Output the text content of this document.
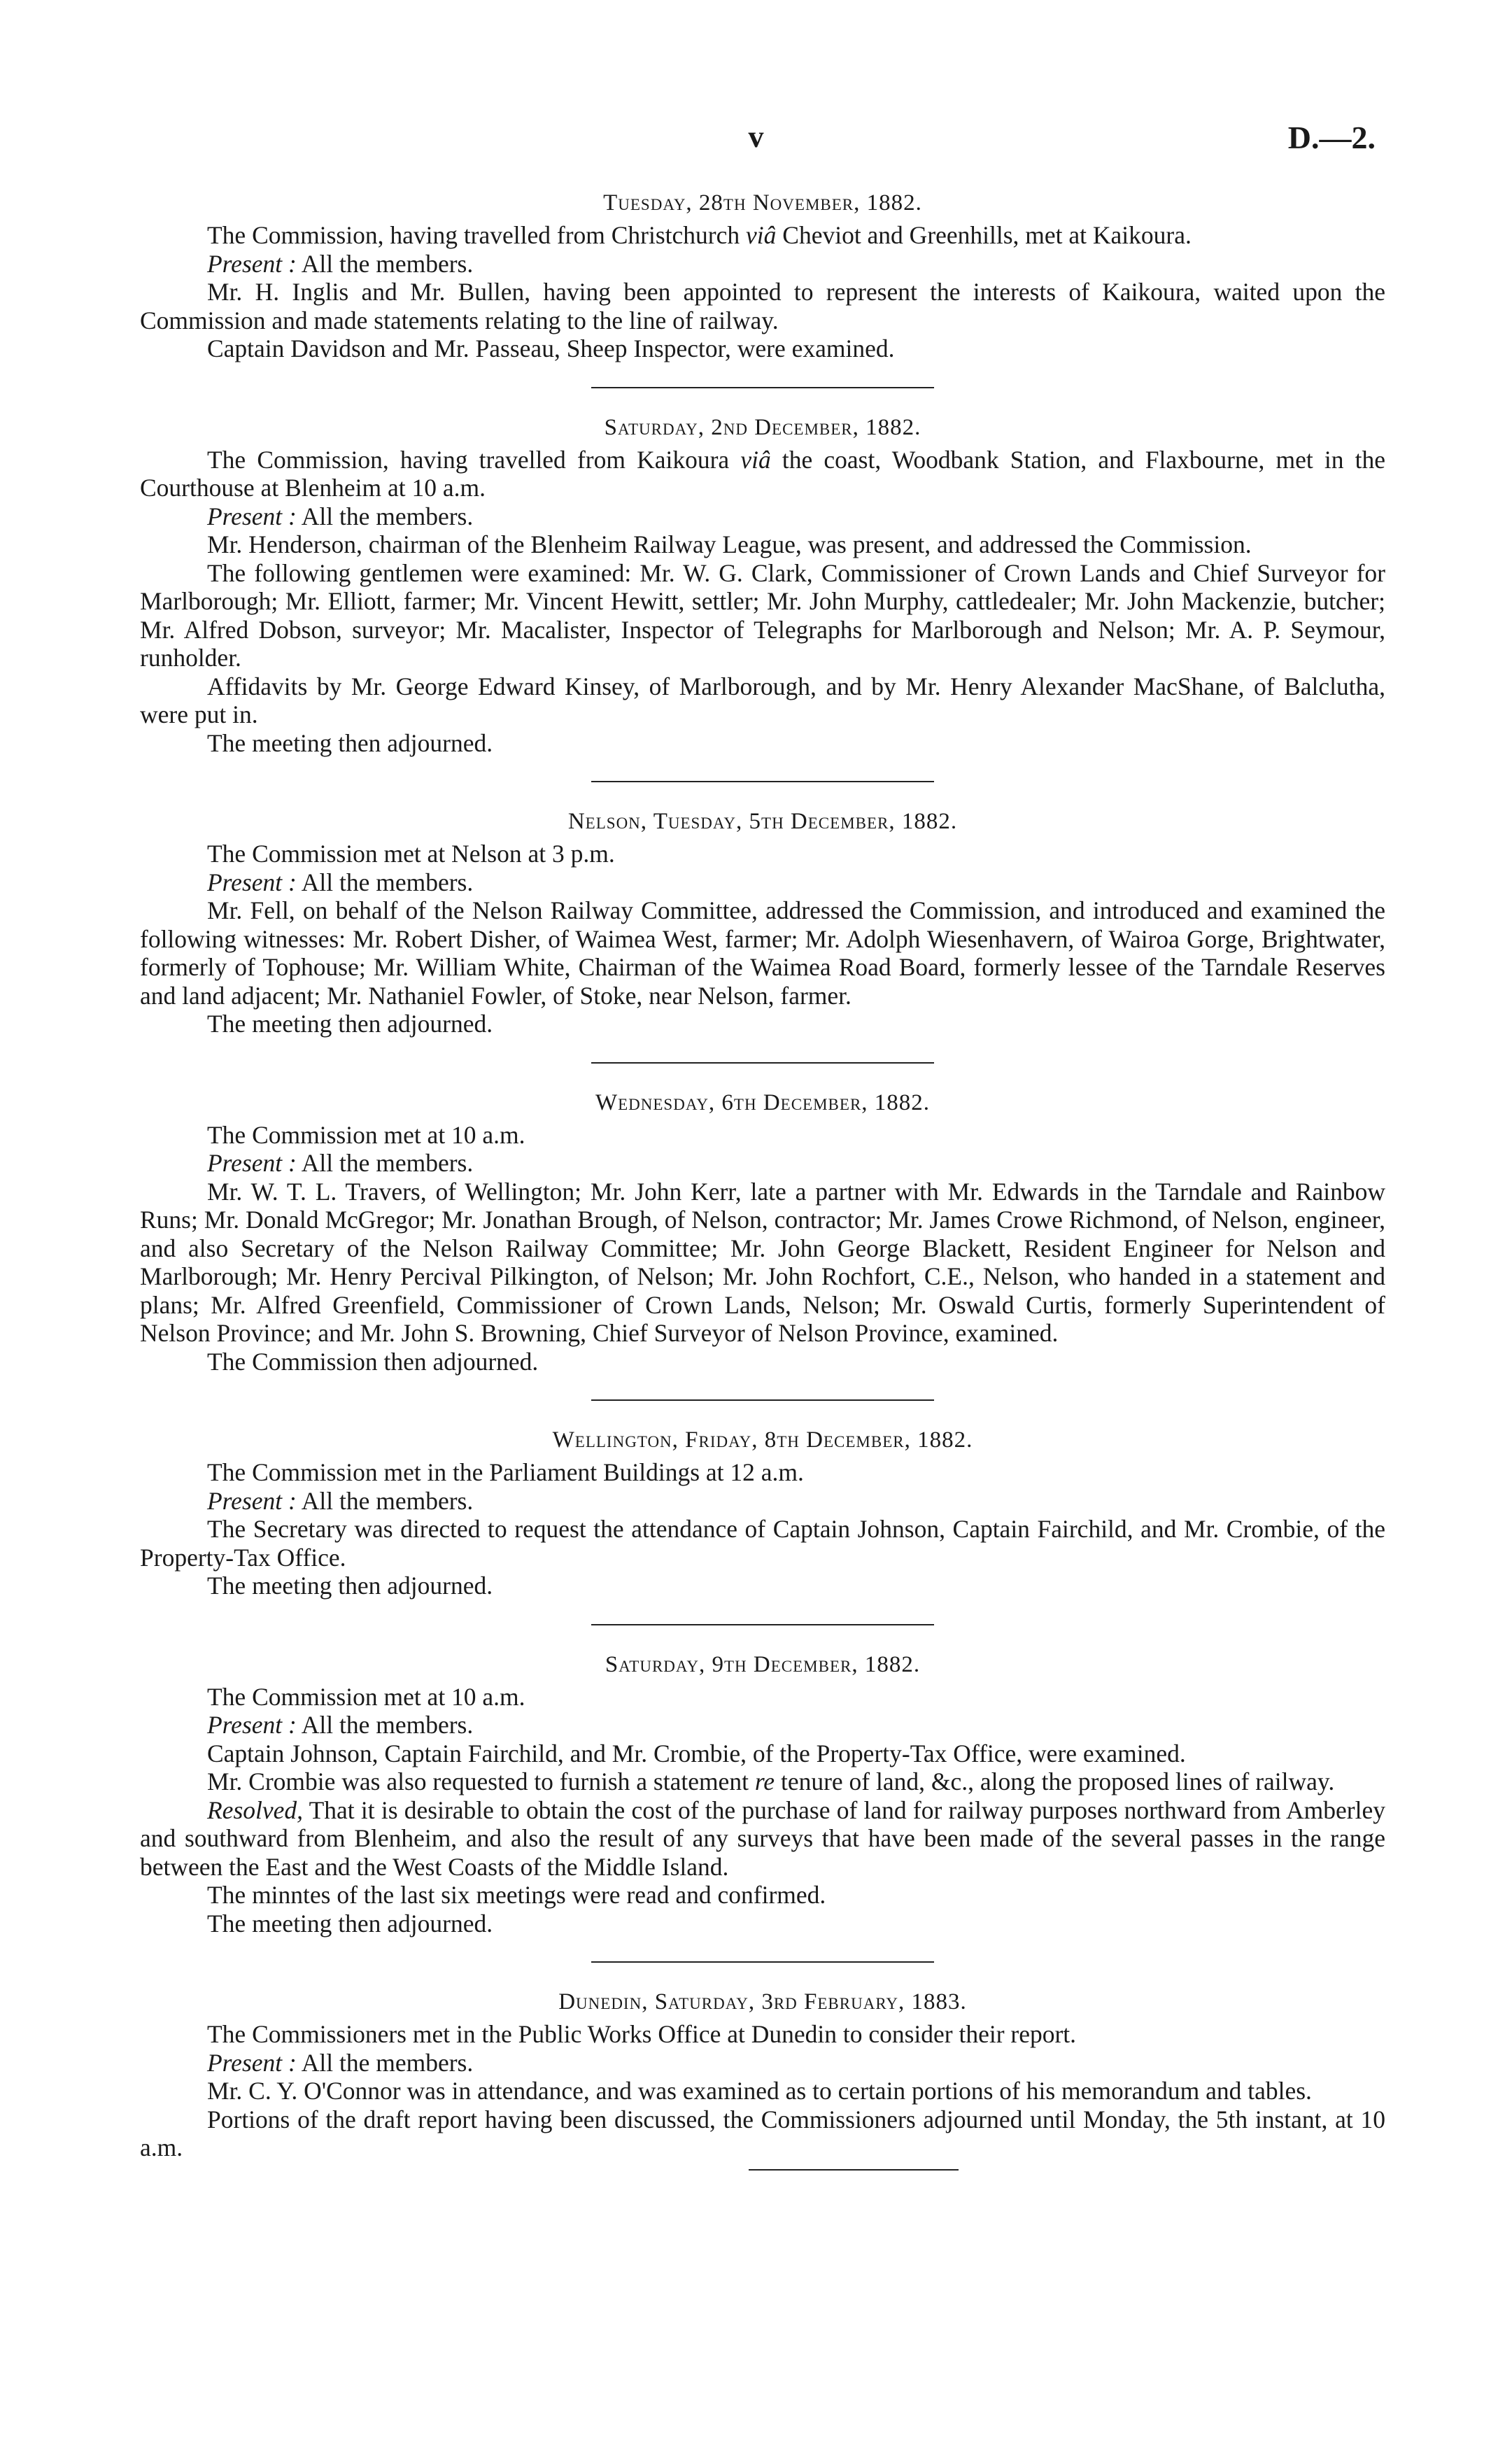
v	D.—2.
Tuesday, 28th November, 1882.

The Commission, having travelled from Christchurch viâ Cheviot and Greenhills, met at Kaikoura.

Present : All the members.

Mr. H. Inglis and Mr. Bullen, having been appointed to represent the interests of Kaikoura, waited upon the Commission and made statements relating to the line of railway.

Captain Davidson and Mr. Passeau, Sheep Inspector, were examined.

Saturday, 2nd December, 1882.

The Commission, having travelled from Kaikoura viâ the coast, Woodbank Station, and Flaxbourne, met in the Courthouse at Blenheim at 10 a.m.

Present : All the members.

Mr. Henderson, chairman of the Blenheim Railway League, was present, and addressed the Commission.

The following gentlemen were examined: Mr. W. G. Clark, Commissioner of Crown Lands and Chief Surveyor for Marlborough; Mr. Elliott, farmer; Mr. Vincent Hewitt, settler; Mr. John Murphy, cattledealer; Mr. John Mackenzie, butcher; Mr. Alfred Dobson, surveyor; Mr. Macalister, Inspector of Telegraphs for Marlborough and Nelson; Mr. A. P. Seymour, runholder.

Affidavits by Mr. George Edward Kinsey, of Marlborough, and by Mr. Henry Alexander MacShane, of Balclutha, were put in.

The meeting then adjourned.

Nelson, Tuesday, 5th December, 1882.

The Commission met at Nelson at 3 p.m.

Present : All the members.

Mr. Fell, on behalf of the Nelson Railway Committee, addressed the Commission, and introduced and examined the following witnesses: Mr. Robert Disher, of Waimea West, farmer; Mr. Adolph Wiesenhavern, of Wairoa Gorge, Brightwater, formerly of Tophouse; Mr. William White, Chairman of the Waimea Road Board, formerly lessee of the Tarndale Reserves and land adjacent; Mr. Nathaniel Fowler, of Stoke, near Nelson, farmer.

The meeting then adjourned.

Wednesday, 6th December, 1882.

The Commission met at 10 a.m.

Present : All the members.

Mr. W. T. L. Travers, of Wellington; Mr. John Kerr, late a partner with Mr. Edwards in the Tarndale and Rainbow Runs; Mr. Donald McGregor; Mr. Jonathan Brough, of Nelson, contractor; Mr. James Crowe Richmond, of Nelson, engineer, and also Secretary of the Nelson Railway Committee; Mr. John George Blackett, Resident Engineer for Nelson and Marlborough; Mr. Henry Percival Pilkington, of Nelson; Mr. John Rochfort, C.E., Nelson, who handed in a statement and plans; Mr. Alfred Greenfield, Commissioner of Crown Lands, Nelson; Mr. Oswald Curtis, formerly Superintendent of Nelson Province; and Mr. John S. Browning, Chief Surveyor of Nelson Province, examined.

The Commission then adjourned.

Wellington, Friday, 8th December, 1882.

The Commission met in the Parliament Buildings at 12 a.m.

Present : All the members.

The Secretary was directed to request the attendance of Captain Johnson, Captain Fairchild, and Mr. Crombie, of the Property-Tax Office.

The meeting then adjourned.

Saturday, 9th December, 1882.

The Commission met at 10 a.m.

Present : All the members.

Captain Johnson, Captain Fairchild, and Mr. Crombie, of the Property-Tax Office, were examined.

Mr. Crombie was also requested to furnish a statement re tenure of land, &c., along the proposed lines of railway.

Resolved, That it is desirable to obtain the cost of the purchase of land for railway purposes northward from Amberley and southward from Blenheim, and also the result of any surveys that have been made of the several passes in the range between the East and the West Coasts of the Middle Island.

The minntes of the last six meetings were read and confirmed.

The meeting then adjourned.

Dunedin, Saturday, 3rd February, 1883.

The Commissioners met in the Public Works Office at Dunedin to consider their report.

Present : All the members.

Mr. C. Y. O'Connor was in attendance, and was examined as to certain portions of his memorandum and tables.

Portions of the draft report having been discussed, the Commissioners adjourned until Monday, the 5th instant, at 10 a.m.
